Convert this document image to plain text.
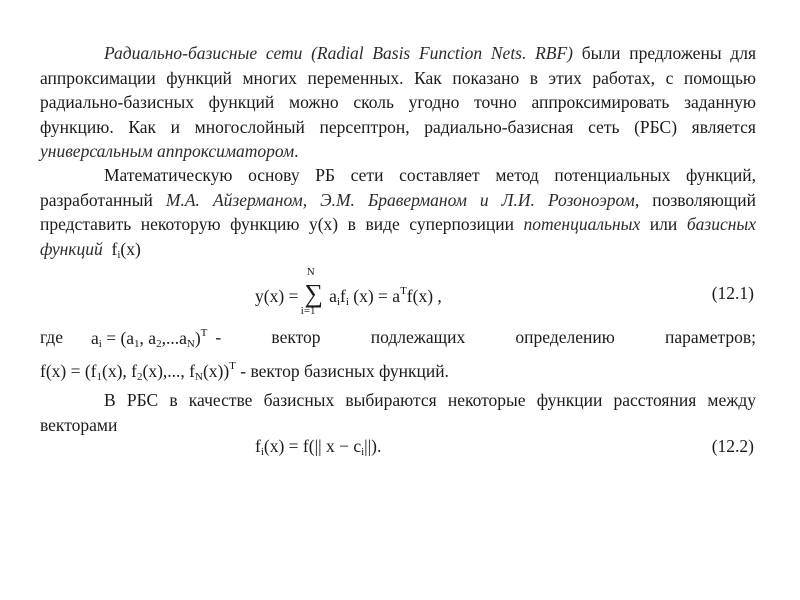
Радиально-базисные сети (Radial Basis Function Nets. RBF) были предложены для аппроксимации функций многих переменных. Как показано в этих работах, с помощью радиально-базисных функций можно сколь угодно точно аппроксимировать заданную функцию. Как и многослойный персептрон, радиально-базисная сеть (РБС) является универсальным аппроксиматором.

Математическую основу РБ сети составляет метод потенциальных функций, разработанный М.А. Айзерманом, Э.М. Браверманом и Л.И. Розоноэром, позволяющий представить некоторую функцию y(x) в виде суперпозиции потенциальных или базисных функций $f_i(x)$

y(x) =
N
∑
i=1
$a_if_i$ $(x) = a^Tf(x)$ ,	(12.1)
где $a_i = (a_1$, $a_2,...a_N)^T$ - вектор подлежащих определению параметров;
$f(x) = (f_1(x)$, $f_2(x)$,..., $f_N(x))^T$ - вектор базисных функций.

В РБС в качестве базисных выбираются некоторые функции расстояния между векторами

$f_i(x) = f(||$ $x - c_i||$).	(12.2)
